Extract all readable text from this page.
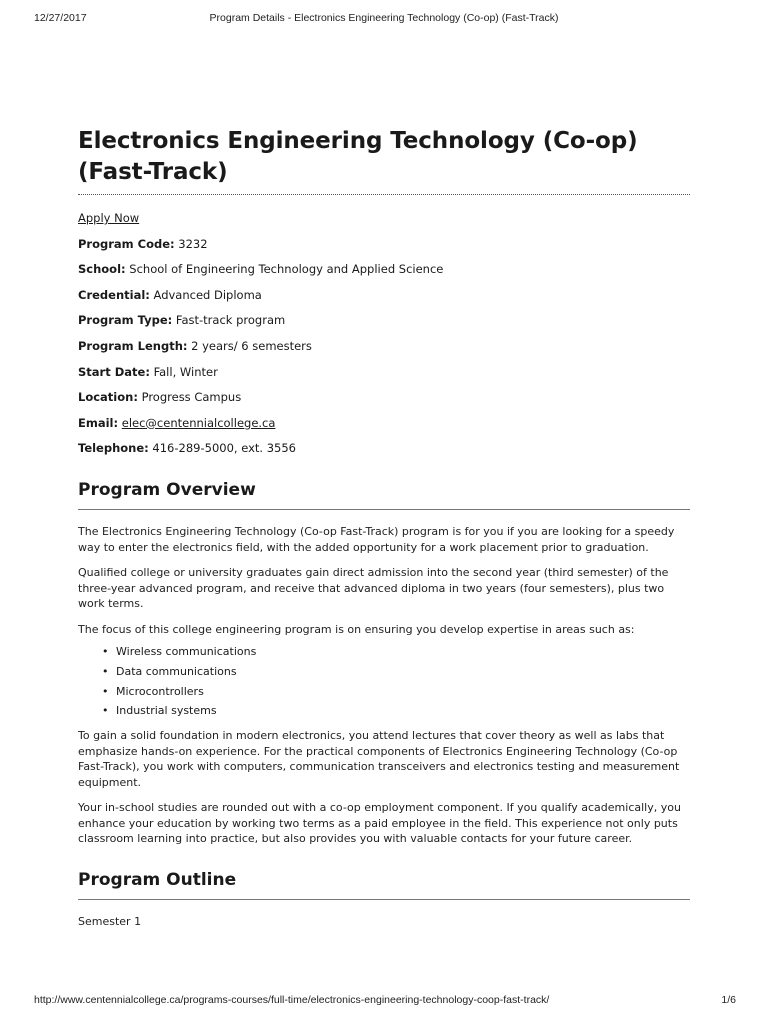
12/27/2017	Program Details - Electronics Engineering Technology (Co-op) (Fast-Track)
Electronics Engineering Technology (Co-op) (Fast-Track)
Apply Now
Program Code: 3232
School: School of Engineering Technology and Applied Science
Credential: Advanced Diploma
Program Type: Fast-track program
Program Length: 2 years/ 6 semesters
Start Date: Fall, Winter
Location: Progress Campus
Email: elec@centennialcollege.ca
Telephone: 416-289-5000, ext. 3556
Program Overview

The Electronics Engineering Technology (Co-op Fast-Track) program is for you if you are looking for a speedy way to enter the electronics field, with the added opportunity for a work placement prior to graduation.

Qualified college or university graduates gain direct admission into the second year (third semester) of the three-year advanced program, and receive that advanced diploma in two years (four semesters), plus two work terms.

The focus of this college engineering program is on ensuring you develop expertise in areas such as:

• Wireless communications
• Data communications
• Microcontrollers
• Industrial systems

To gain a solid foundation in modern electronics, you attend lectures that cover theory as well as labs that emphasize hands-on experience. For the practical components of Electronics Engineering Technology (Co-op Fast-Track), you work with computers, communication transceivers and electronics testing and measurement equipment.

Your in-school studies are rounded out with a co-op employment component. If you qualify academically, you enhance your education by working two terms as a paid employee in the field. This experience not only puts classroom learning into practice, but also provides you with valuable contacts for your future career.

Program Outline

Semester 1

http://www.centennialcollege.ca/programs-courses/full-time/electronics-engineering-technology-coop-fast-track/	1/6
